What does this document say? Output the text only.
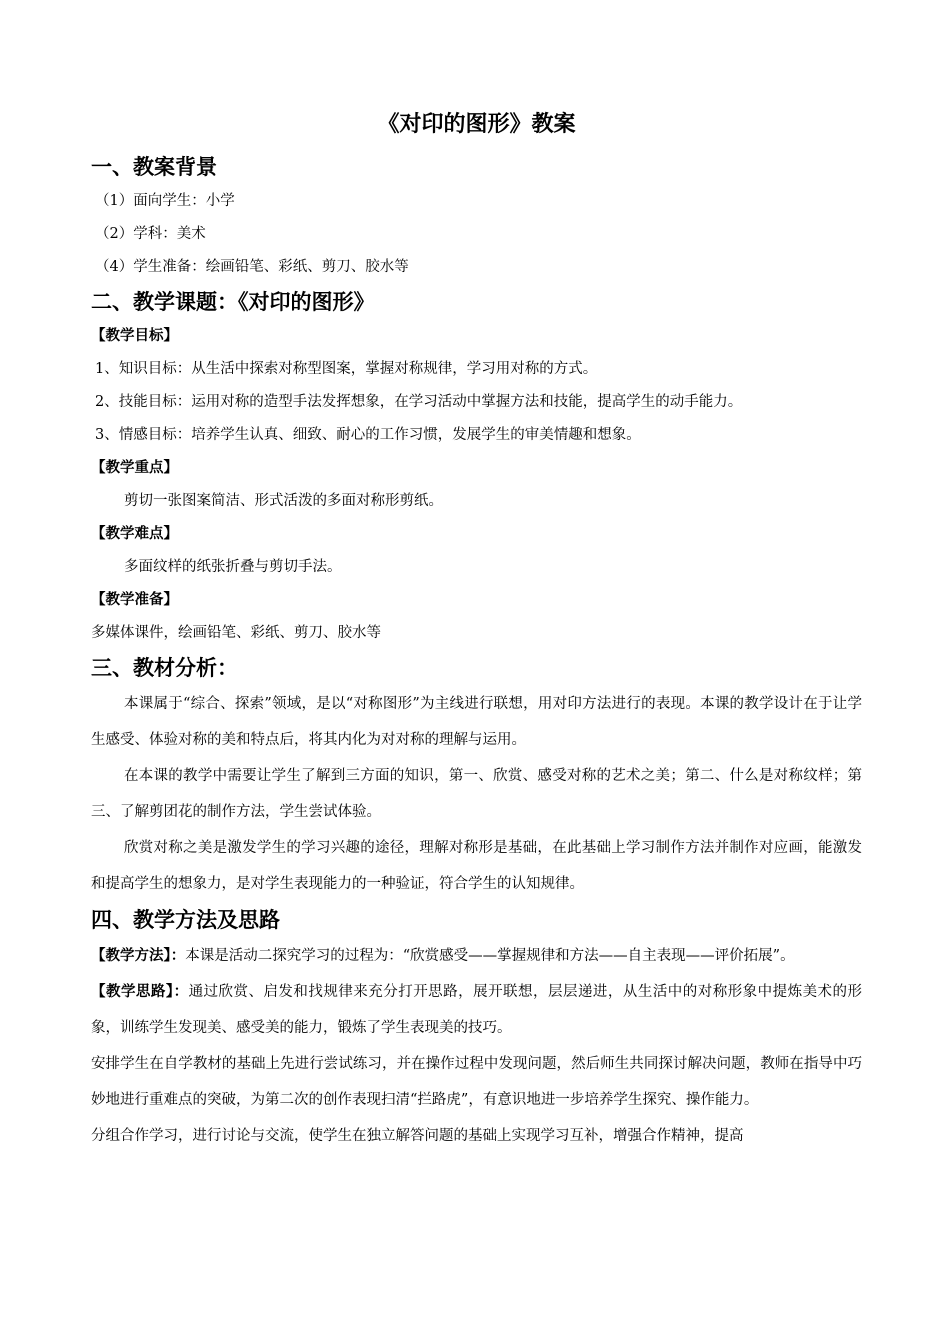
《对印的图形》教案
一、教案背景
（1）面向学生：小学
（2）学科：美术
（4）学生准备：绘画铅笔、彩纸、剪刀、胶水等
二、教学课题：《对印的图形》
【教学目标】
1、知识目标：从生活中探索对称型图案，掌握对称规律，学习用对称的方式。
2、技能目标：运用对称的造型手法发挥想象，在学习活动中掌握方法和技能，提高学生的动手能力。
3、情感目标：培养学生认真、细致、耐心的工作习惯，发展学生的审美情趣和想象。
【教学重点】
剪切一张图案简洁、形式活泼的多面对称形剪纸。
【教学难点】
多面纹样的纸张折叠与剪切手法。
【教学准备】
多媒体课件，绘画铅笔、彩纸、剪刀、胶水等
三、教材分析：

本课属于“综合、探索”领域，是以“对称图形”为主线进行联想，用对印方法进行的表现。本课的教学设计在于让学生感受、体验对称的美和特点后，将其内化为对对称的理解与运用。

在本课的教学中需要让学生了解到三方面的知识，第一、欣赏、感受对称的艺术之美；第二、什么是对称纹样；第三、了解剪团花的制作方法，学生尝试体验。

欣赏对称之美是激发学生的学习兴趣的途径，理解对称形是基础，在此基础上学习制作方法并制作对应画，能激发和提高学生的想象力，是对学生表现能力的一种验证，符合学生的认知规律。

四、教学方法及思路

【教学方法】：本课是活动二探究学习的过程为：“欣赏感受——掌握规律和方法——自主表现——评价拓展”。

【教学思路】：通过欣赏、启发和找规律来充分打开思路，展开联想，层层递进，从生活中的对称形象中提炼美术的形象，训练学生发现美、感受美的能力，锻炼了学生表现美的技巧。

安排学生在自学教材的基础上先进行尝试练习，并在操作过程中发现问题，然后师生共同探讨解决问题，教师在指导中巧妙地进行重难点的突破，为第二次的创作表现扫清“拦路虎”，有意识地进一步培养学生探究、操作能力。

分组合作学习，进行讨论与交流，使学生在独立解答问题的基础上实现学习互补，增强合作精神，提高
